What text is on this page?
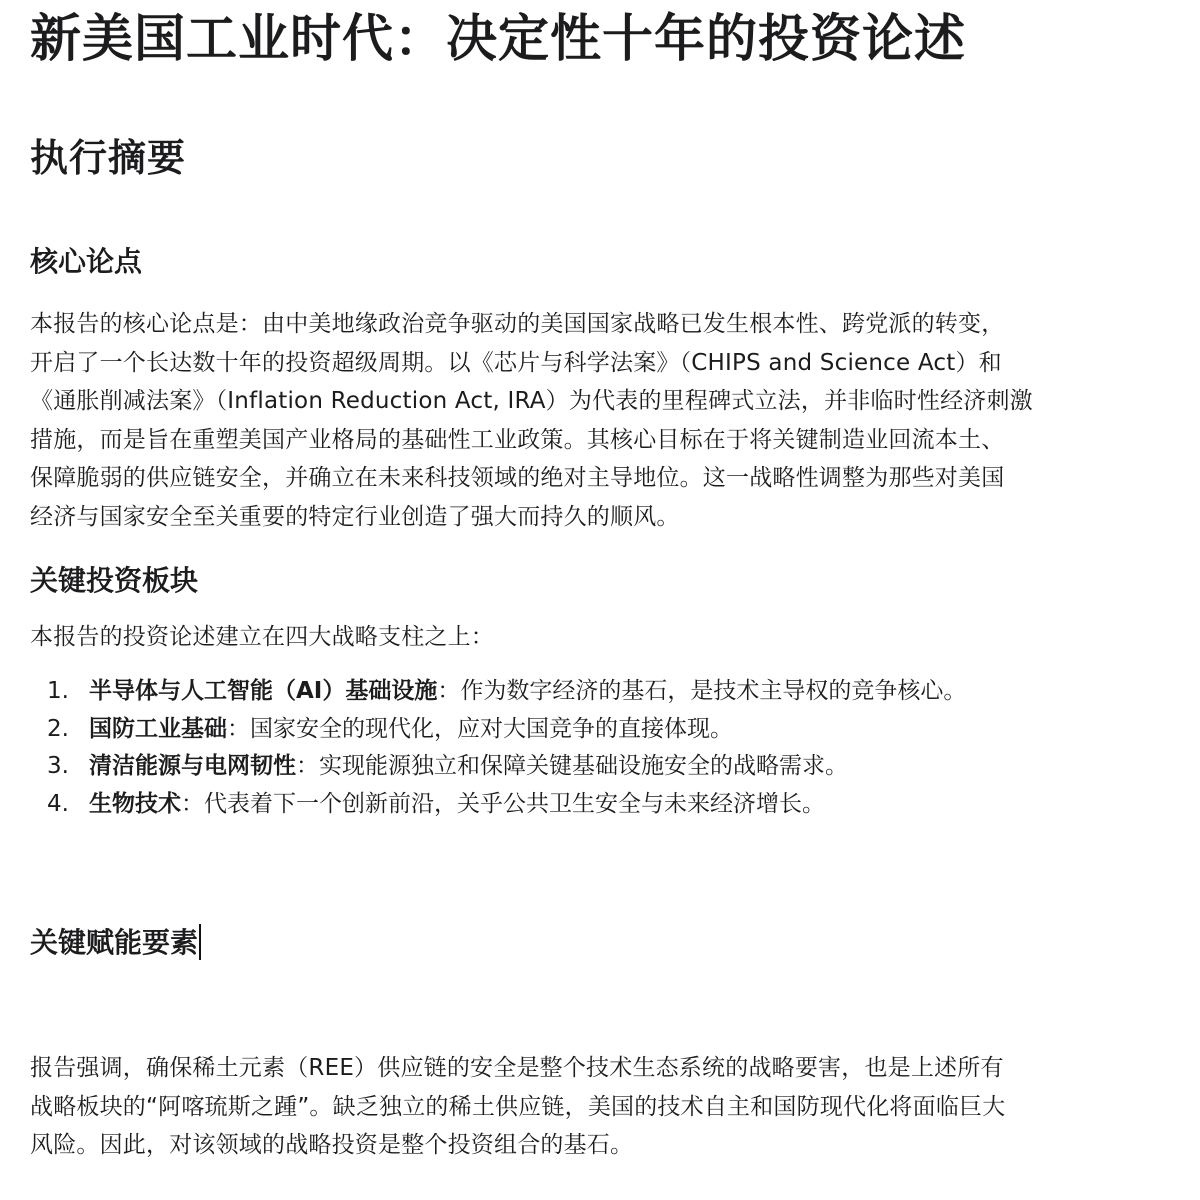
新美国工业时代：决定性十年的投资论述
执行摘要
核心论点

本报告的核心论点是：由中美地缘政治竞争驱动的美国国家战略已发生根本性、跨党派的转变，
开启了一个长达数十年的投资超级周期。以《芯片与科学法案》（CHIPS and Science Act）和
《通胀削减法案》（Inflation Reduction Act, IRA）为代表的里程碑式立法，并非临时性经济刺激
措施，而是旨在重塑美国产业格局的基础性工业政策。其核心目标在于将关键制造业回流本土、
保障脆弱的供应链安全，并确立在未来科技领域的绝对主导地位。这一战略性调整为那些对美国
经济与国家安全至关重要的特定行业创造了强大而持久的顺风。

关键投资板块

本报告的投资论述建立在四大战略支柱之上：

1. 半导体与人工智能（AI）基础设施：作为数字经济的基石，是技术主导权的竞争核心。
2. 国防工业基础：国家安全的现代化，应对大国竞争的直接体现。
3. 清洁能源与电网韧性：实现能源独立和保障关键基础设施安全的战略需求。
4. 生物技术：代表着下一个创新前沿，关乎公共卫生安全与未来经济增长。
关键赋能要素

报告强调，确保稀土元素（REE）供应链的安全是整个技术生态系统的战略要害，也是上述所有
战略板块的“阿喀琉斯之踵”。缺乏独立的稀土供应链，美国的技术自主和国防现代化将面临巨大
风险。因此，对该领域的战略投资是整个投资组合的基石。
